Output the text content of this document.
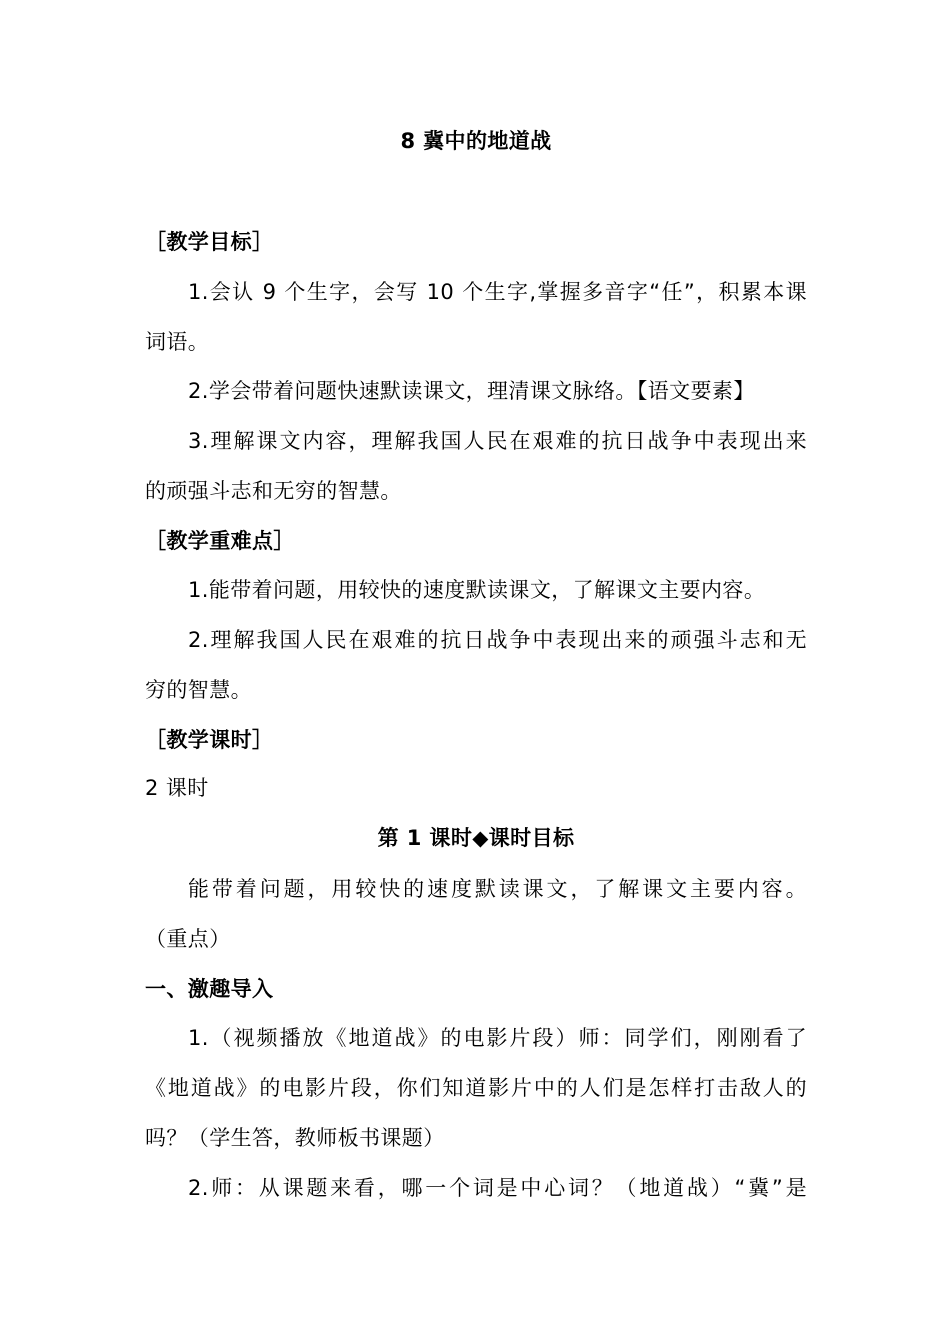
8 冀中的地道战
［教学目标］
1.会认 9 个生字，会写 10 个生字,掌握多音字“任”，积累本课
词语。
2.学会带着问题快速默读课文，理清课文脉络。【语文要素】
3.理解课文内容，理解我国人民在艰难的抗日战争中表现出来
的顽强斗志和无穷的智慧。
［教学重难点］
1.能带着问题，用较快的速度默读课文，了解课文主要内容。
2.理解我国人民在艰难的抗日战争中表现出来的顽强斗志和无
穷的智慧。
［教学课时］
2 课时
第 1 课时◆课时目标
能带着问题，用较快的速度默读课文，了解课文主要内容。
（重点）
一、激趣导入
1.（视频播放《地道战》的电影片段）师：同学们，刚刚看了
《地道战》的电影片段，你们知道影片中的人们是怎样打击敌人的
吗？（学生答，教师板书课题）
2.师：从课题来看，哪一个词是中心词？（地道战）“冀”是
